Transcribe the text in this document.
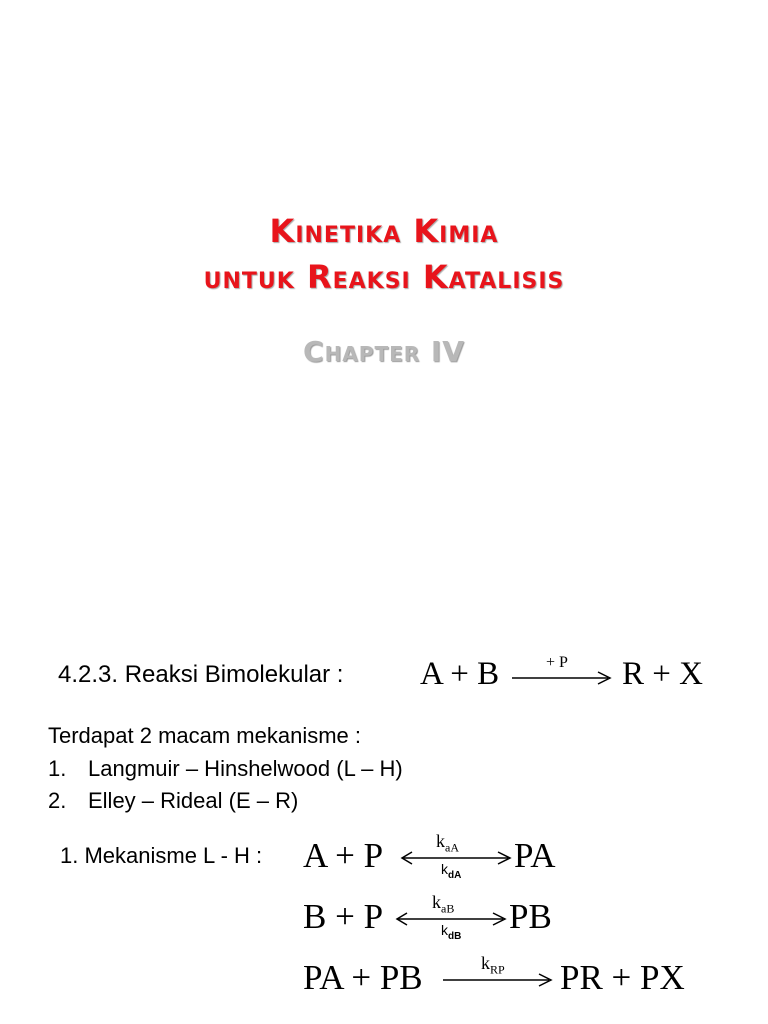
Kinetika Kimia
untuk Reaksi Katalisis
Chapter IV
4.2.3. Reaksi Bimolekular : A + B	+ P R + X
Terdapat 2 macam mekanisme :
1. Langmuir – Hinshelwood (L – H)
2. Elley – Rideal (E – R)
1. Mekanisme L - H : A + P	$k_{aA}$
$k_{dA}$
PA
B + P	$k_{aB}$
$k_{dB}$
PB
PA + PB	$k_{RP}$ PR + PX
